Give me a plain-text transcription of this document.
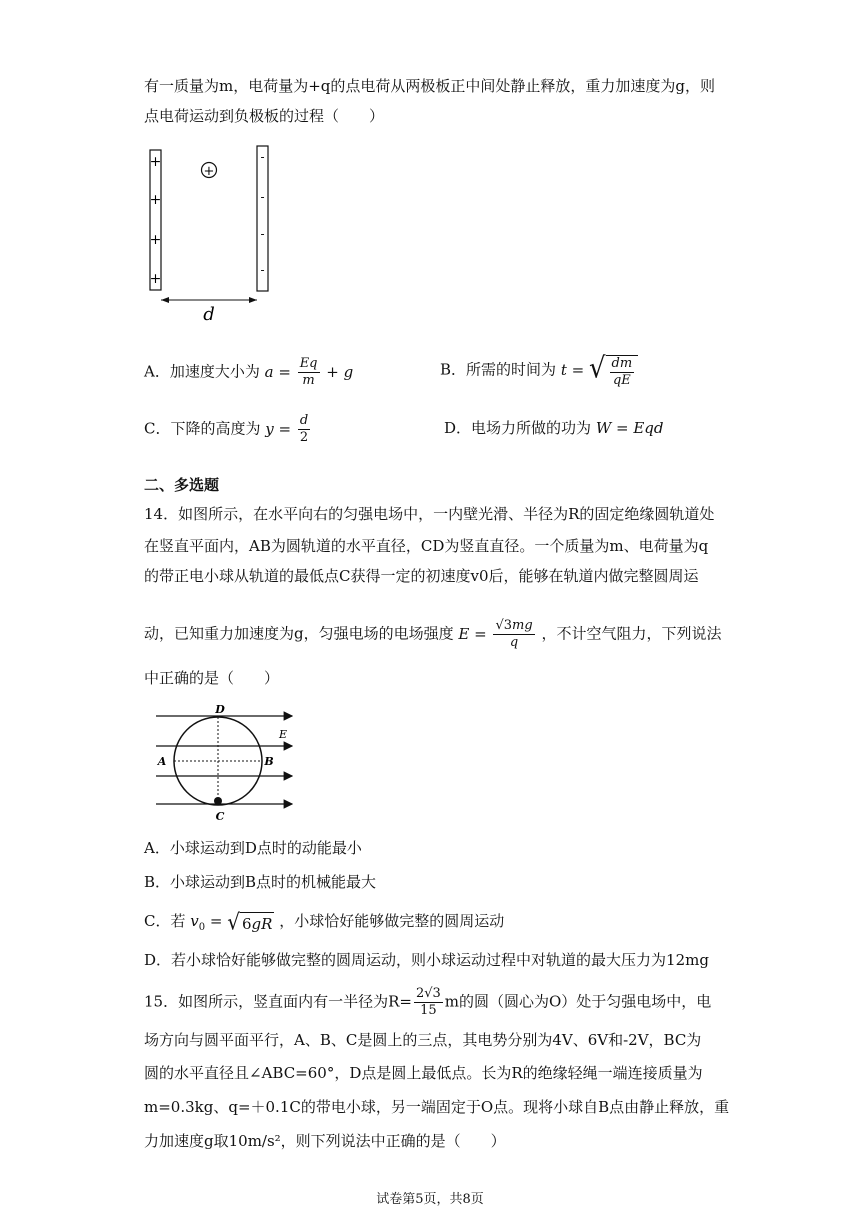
有一质量为m，电荷量为+q的点电荷从两极板正中间处静止释放，重力加速度为g，则
点电荷运动到负极板的过程（　　）
+
+
+
+
-
-
-
-
+
d
A．加速度大小为 $a = \frac{Eq}{m} + g$	B．所需的时间为 t = √ $\frac{dm}{qE}$
C．下降的高度为 $y = \frac{d}{2}$	D．电场力所做的功为 W = Eqd
二、多选题
14．如图所示，在水平向右的匀强电场中，一内壁光滑、半径为R的固定绝缘圆轨道处
在竖直平面内，AB为圆轨道的水平直径，CD为竖直直径。一个质量为m、电荷量为q
的带正电小球从轨道的最低点C获得一定的初速度v0后，能够在轨道内做完整圆周运
动，已知重力加速度为g，匀强电场的电场强度 $E = \frac{√3mg}{q}$ ，不计空气阻力，下列说法
中正确的是（　　）
D
E
A	B
C
A．小球运动到D点时的动能最小
B．小球运动到B点时的机械能最大
C．若 $v_0$ = √ 6 gR ，小球恰好能够做完整的圆周运动
D．若小球恰好能够做完整的圆周运动，则小球运动过程中对轨道的最大压力为12mg
15．如图所示，竖直面内有一半径为$R= \frac{2√3}{15}$ m的圆（圆心为O）处于匀强电场中，电
场方向与圆平面平行，A、B、C是圆上的三点，其电势分别为4V、6V和-2V，BC为
圆的水平直径且∠ABC=60°，D点是圆上最低点。长为R的绝缘轻绳一端连接质量为
m=0.3kg、q=＋0.1C的带电小球，另一端固定于O点。现将小球自B点由静止释放，重
力加速度g取10m/s²，则下列说法中正确的是（　　）
试卷第5页，共8页
